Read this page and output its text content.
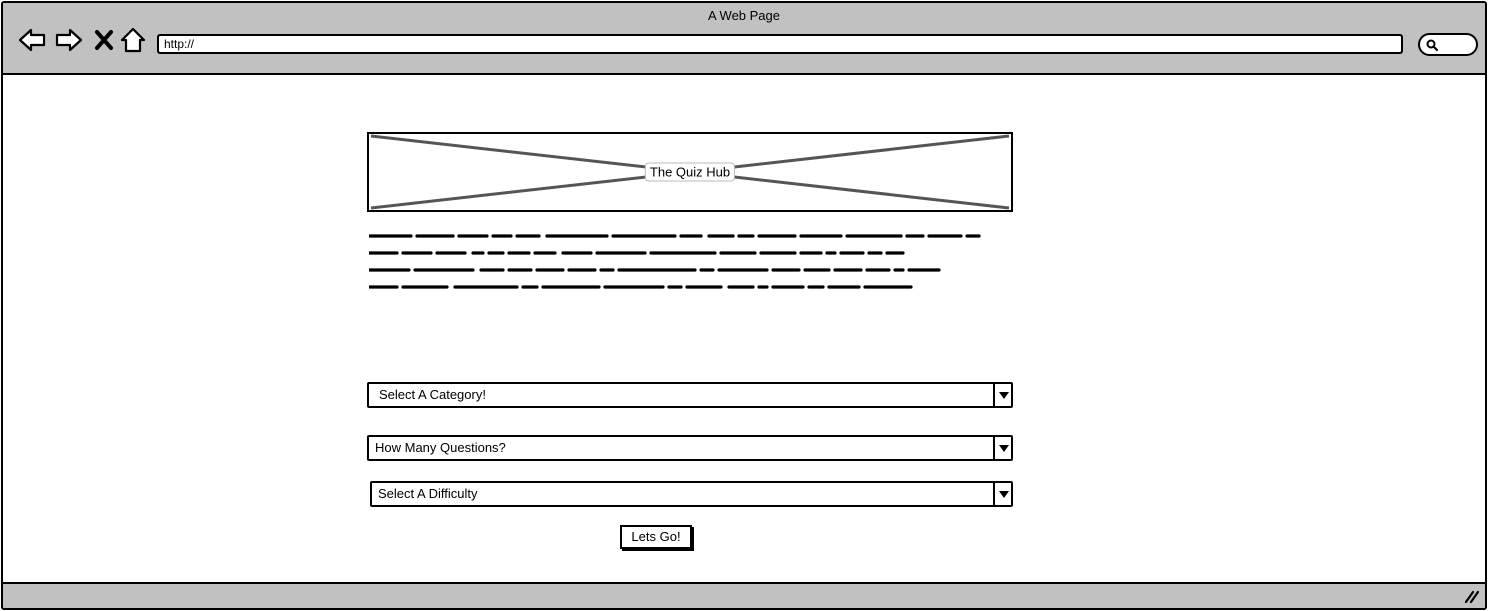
A Web Page
http://
The Quiz Hub
Select A Category!
How Many Questions?
Select A Difficulty
Lets Go!
